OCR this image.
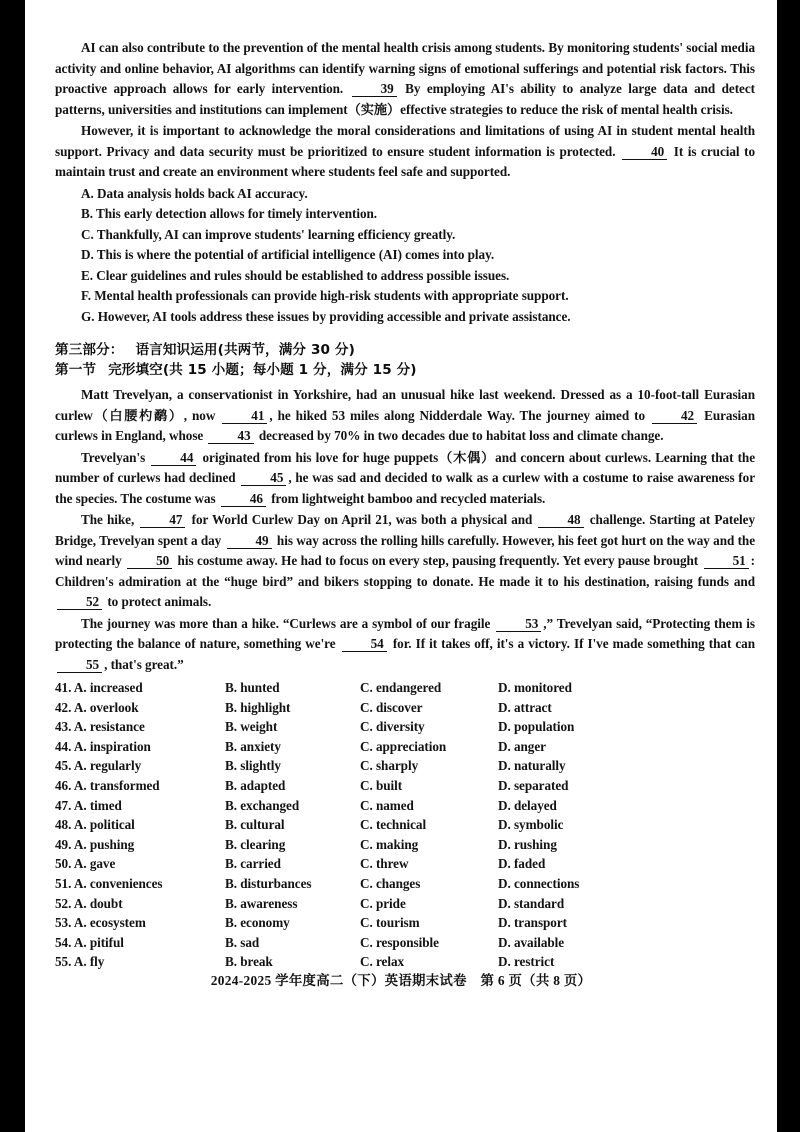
AI can also contribute to the prevention of the mental health crisis among students. By monitoring students' social media activity and online behavior, AI algorithms can identify warning signs of emotional sufferings and potential risk factors. This proactive approach allows for early intervention. 39 By employing AI's ability to analyze large data and detect patterns, universities and institutions can implement（实施）effective strategies to reduce the risk of mental health crisis.

However, it is important to acknowledge the moral considerations and limitations of using AI in student mental health support. Privacy and data security must be prioritized to ensure student information is protected. 40 It is crucial to maintain trust and create an environment where students feel safe and supported.

A. Data analysis holds back AI accuracy.
B. This early detection allows for timely intervention.
C. Thankfully, AI can improve students' learning efficiency greatly.
D. This is where the potential of artificial intelligence (AI) comes into play.
E. Clear guidelines and rules should be established to address possible issues.
F. Mental health professionals can provide high-risk students with appropriate support.
G. However, AI tools address these issues by providing accessible and private assistance.

第三部分： 语言知识运用(共两节，满分 30 分)

第一节 完形填空(共 15 小题；每小题 1 分，满分 15 分)

Matt Trevelyan, a conservationist in Yorkshire, had an unusual hike last weekend. Dressed as a 10-foot-tall Eurasian curlew（白腰杓鹬）, now 41 , he hiked 53 miles along Nidderdale Way. The journey aimed to 42 Eurasian curlews in England, whose 43 decreased by 70% in two decades due to habitat loss and climate change.

Trevelyan's 44 originated from his love for huge puppets（木偶）and concern about curlews. Learning that the number of curlews had declined 45 , he was sad and decided to walk as a curlew with a costume to raise awareness for the species. The costume was 46 from lightweight bamboo and recycled materials.

The hike, 47 for World Curlew Day on April 21, was both a physical and 48 challenge. Starting at Pateley Bridge, Trevelyan spent a day 49 his way across the rolling hills carefully. However, his feet got hurt on the way and the wind nearly 50 his costume away. He had to focus on every step, pausing frequently. Yet every pause brought 51 : Children's admiration at the “huge bird” and bikers stopping to donate. He made it to his destination, raising funds and 52 to protect animals.

The journey was more than a hike. “Curlews are a symbol of our fragile 53 ,” Trevelyan said, “Protecting them is protecting the balance of nature, something we're 54 for. If it takes off, it's a victory. If I've made something that can 55 , that's great.”

41. A. increased	B. hunted	C. endangered	D. monitored
42. A. overlook	B. highlight	C. discover	D. attract
43. A. resistance	B. weight	C. diversity	D. population
44. A. inspiration	B. anxiety	C. appreciation	D. anger
45. A. regularly	B. slightly	C. sharply	D. naturally
46. A. transformed	B. adapted	C. built	D. separated
47. A. timed	B. exchanged	C. named	D. delayed
48. A. political	B. cultural	C. technical	D. symbolic
49. A. pushing	B. clearing	C. making	D. rushing
50. A. gave	B. carried	C. threw	D. faded
51. A. conveniences	B. disturbances	C. changes	D. connections
52. A. doubt	B. awareness	C. pride	D. standard
53. A. ecosystem	B. economy	C. tourism	D. transport
54. A. pitiful	B. sad	C. responsible	D. available
55. A. fly	B. break	C. relax	D. restrict
2024-2025 学年度高二（下）英语期末试卷　第 6 页（共 8 页）
